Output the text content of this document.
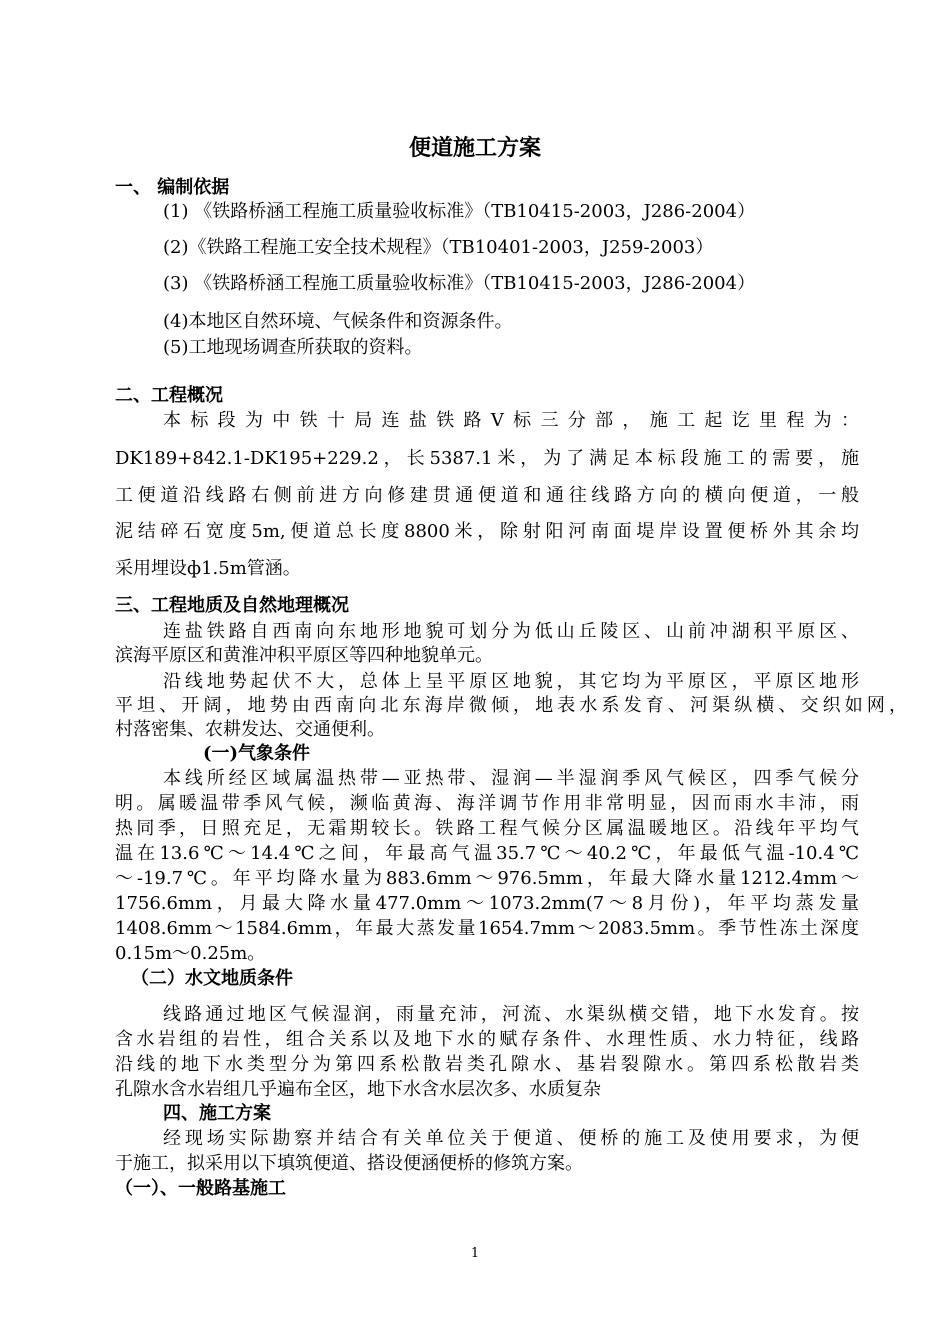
便道施工方案
一、 编制依据
(1) 《铁路桥涵工程施工质量验收标准》（TB10415-2003，J286-2004）
(2)《铁路工程施工安全技术规程》（TB10401-2003，J259-2003）
(3) 《铁路桥涵工程施工质量验收标准》（TB10415-2003，J286-2004）
(4)本地区自然环境、气候条件和资源条件。
(5)工地现场调查所获取的资料。
二、工程概况
本标段为中铁十局连盐铁路V标三分部，施工起讫里程为：
DK189+842.1-DK195+229.2，长5387.1米，为了满足本标段施工的需要，施
工便道沿线路右侧前进方向修建贯通便道和通往线路方向的横向便道，一般
泥结碎石宽度5m,便道总长度8800米，除射阳河南面堤岸设置便桥外其余均
采用埋设ф1.5m管涵。
三、工程地质及自然地理概况
连盐铁路自西南向东地形地貌可划分为低山丘陵区、山前冲湖积平原区、
滨海平原区和黄淮冲积平原区等四种地貌单元。
沿线地势起伏不大，总体上呈平原区地貌，其它均为平原区，平原区地形
平坦、开阔，地势由西南向北东海岸微倾，地表水系发育、河渠纵横、交织如网，
村落密集、农耕发达、交通便利。
(一)气象条件
本线所经区域属温热带—亚热带、湿润—半湿润季风气候区，四季气候分
明。属暖温带季风气候，濒临黄海、海洋调节作用非常明显，因而雨水丰沛，雨
热同季，日照充足，无霜期较长。铁路工程气候分区属温暖地区。沿线年平均气
温在13.6℃～14.4℃之间，年最高气温35.7℃～40.2℃，年最低气温-10.4℃
～-19.7℃。年平均降水量为883.6mm～976.5mm，年最大降水量1212.4mm～
1756.6mm，月最大降水量477.0mm～1073.2mm(7～8月份)，年平均蒸发量
1408.6mm～1584.6mm，年最大蒸发量1654.7mm～2083.5mm。季节性冻土深度
0.15m～0.25m。
（二）水文地质条件
线路通过地区气候湿润，雨量充沛，河流、水渠纵横交错，地下水发育。按
含水岩组的岩性，组合关系以及地下水的赋存条件、水理性质、水力特征，线路
沿线的地下水类型分为第四系松散岩类孔隙水、基岩裂隙水。第四系松散岩类
孔隙水含水岩组几乎遍布全区，地下水含水层次多、水质复杂
四、施工方案
经现场实际勘察并结合有关单位关于便道、便桥的施工及使用要求，为便
于施工，拟采用以下填筑便道、搭设便涵便桥的修筑方案。
（一）、一般路基施工
1
